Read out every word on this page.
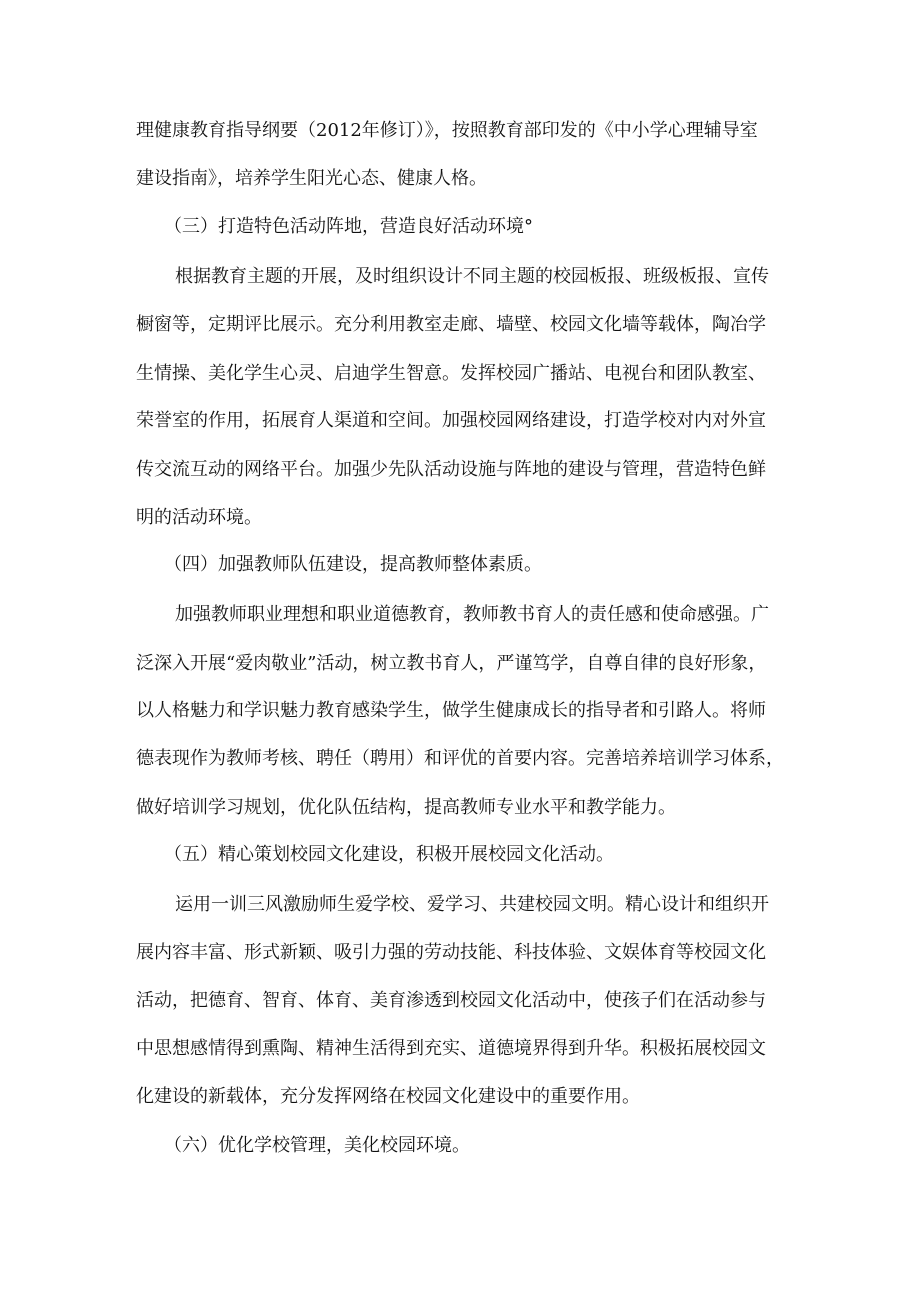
理健康教育指导纲要（2012年修订）》，按照教育部印发的《中小学心理辅导室
建设指南》，培养学生阳光心态、健康人格。
（三）打造特色活动阵地，营造良好活动环境°
根据教育主题的开展，及时组织设计不同主题的校园板报、班级板报、宣传
橱窗等，定期评比展示。充分利用教室走廊、墙壁、校园文化墙等载体，陶冶学
生情操、美化学生心灵、启迪学生智意。发挥校园广播站、电视台和团队教室、
荣誉室的作用，拓展育人渠道和空间。加强校园网络建设，打造学校对内对外宣
传交流互动的网络平台。加强少先队活动设施与阵地的建设与管理，营造特色鲜
明的活动环境。
（四）加强教师队伍建设，提高教师整体素质。
加强教师职业理想和职业道德教育，教师教书育人的责任感和使命感强。广
泛深入开展“爱肉敬业”活动，树立教书育人，严谨笃学，自尊自律的良好形象，
以人格魅力和学识魅力教育感染学生，做学生健康成长的指导者和引路人。将师
德表现作为教师考核、聘任（聘用）和评优的首要内容。完善培养培训学习体系，
做好培训学习规划，优化队伍结构，提高教师专业水平和教学能力。
（五）精心策划校园文化建设，积极开展校园文化活动。
运用一训三风激励师生爱学校、爱学习、共建校园文明。精心设计和组织开
展内容丰富、形式新颖、吸引力强的劳动技能、科技体验、文娱体育等校园文化
活动，把德育、智育、体育、美育渗透到校园文化活动中，使孩子们在活动参与
中思想感情得到熏陶、精神生活得到充实、道德境界得到升华。积极拓展校园文
化建设的新载体，充分发挥网络在校园文化建设中的重要作用。
（六）优化学校管理，美化校园环境。
